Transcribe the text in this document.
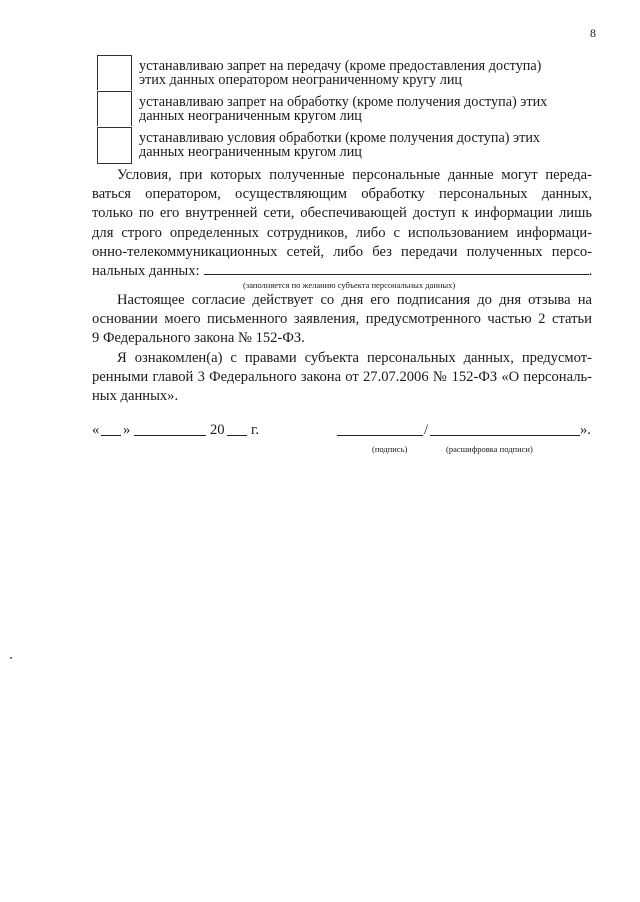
8
устанавливаю запрет на передачу (кроме предоставления доступа)
этих данных оператором неограниченному кругу лиц
устанавливаю запрет на обработку (кроме получения доступа) этих
данных неограниченным кругом лиц
устанавливаю условия обработки (кроме получения доступа) этих
данных неограниченным кругом лиц
Условия, при которых полученные персональные данные могут переда-
ваться оператором, осуществляющим обработку персональных данных,
только по его внутренней сети, обеспечивающей доступ к информации лишь
для строго определенных сотрудников, либо с использованием информаци-
онно-телекоммуникационных сетей, либо без передачи полученных персо-
нальных данных:	.
(заполняется по желанию субъекта персональных данных)
Настоящее согласие действует со дня его подписания до дня отзыва на
основании моего письменного заявления, предусмотренного частью 2 статьи
9 Федерального закона № 152-ФЗ.
Я ознакомлен(а) с правами субъекта персональных данных, предусмот-
ренными главой 3 Федерального закона от 27.07.2006 № 152-ФЗ «О персональ-
ных данных».
« »	20 г.	/	».
(подпись)	(расшифровка подписи)
